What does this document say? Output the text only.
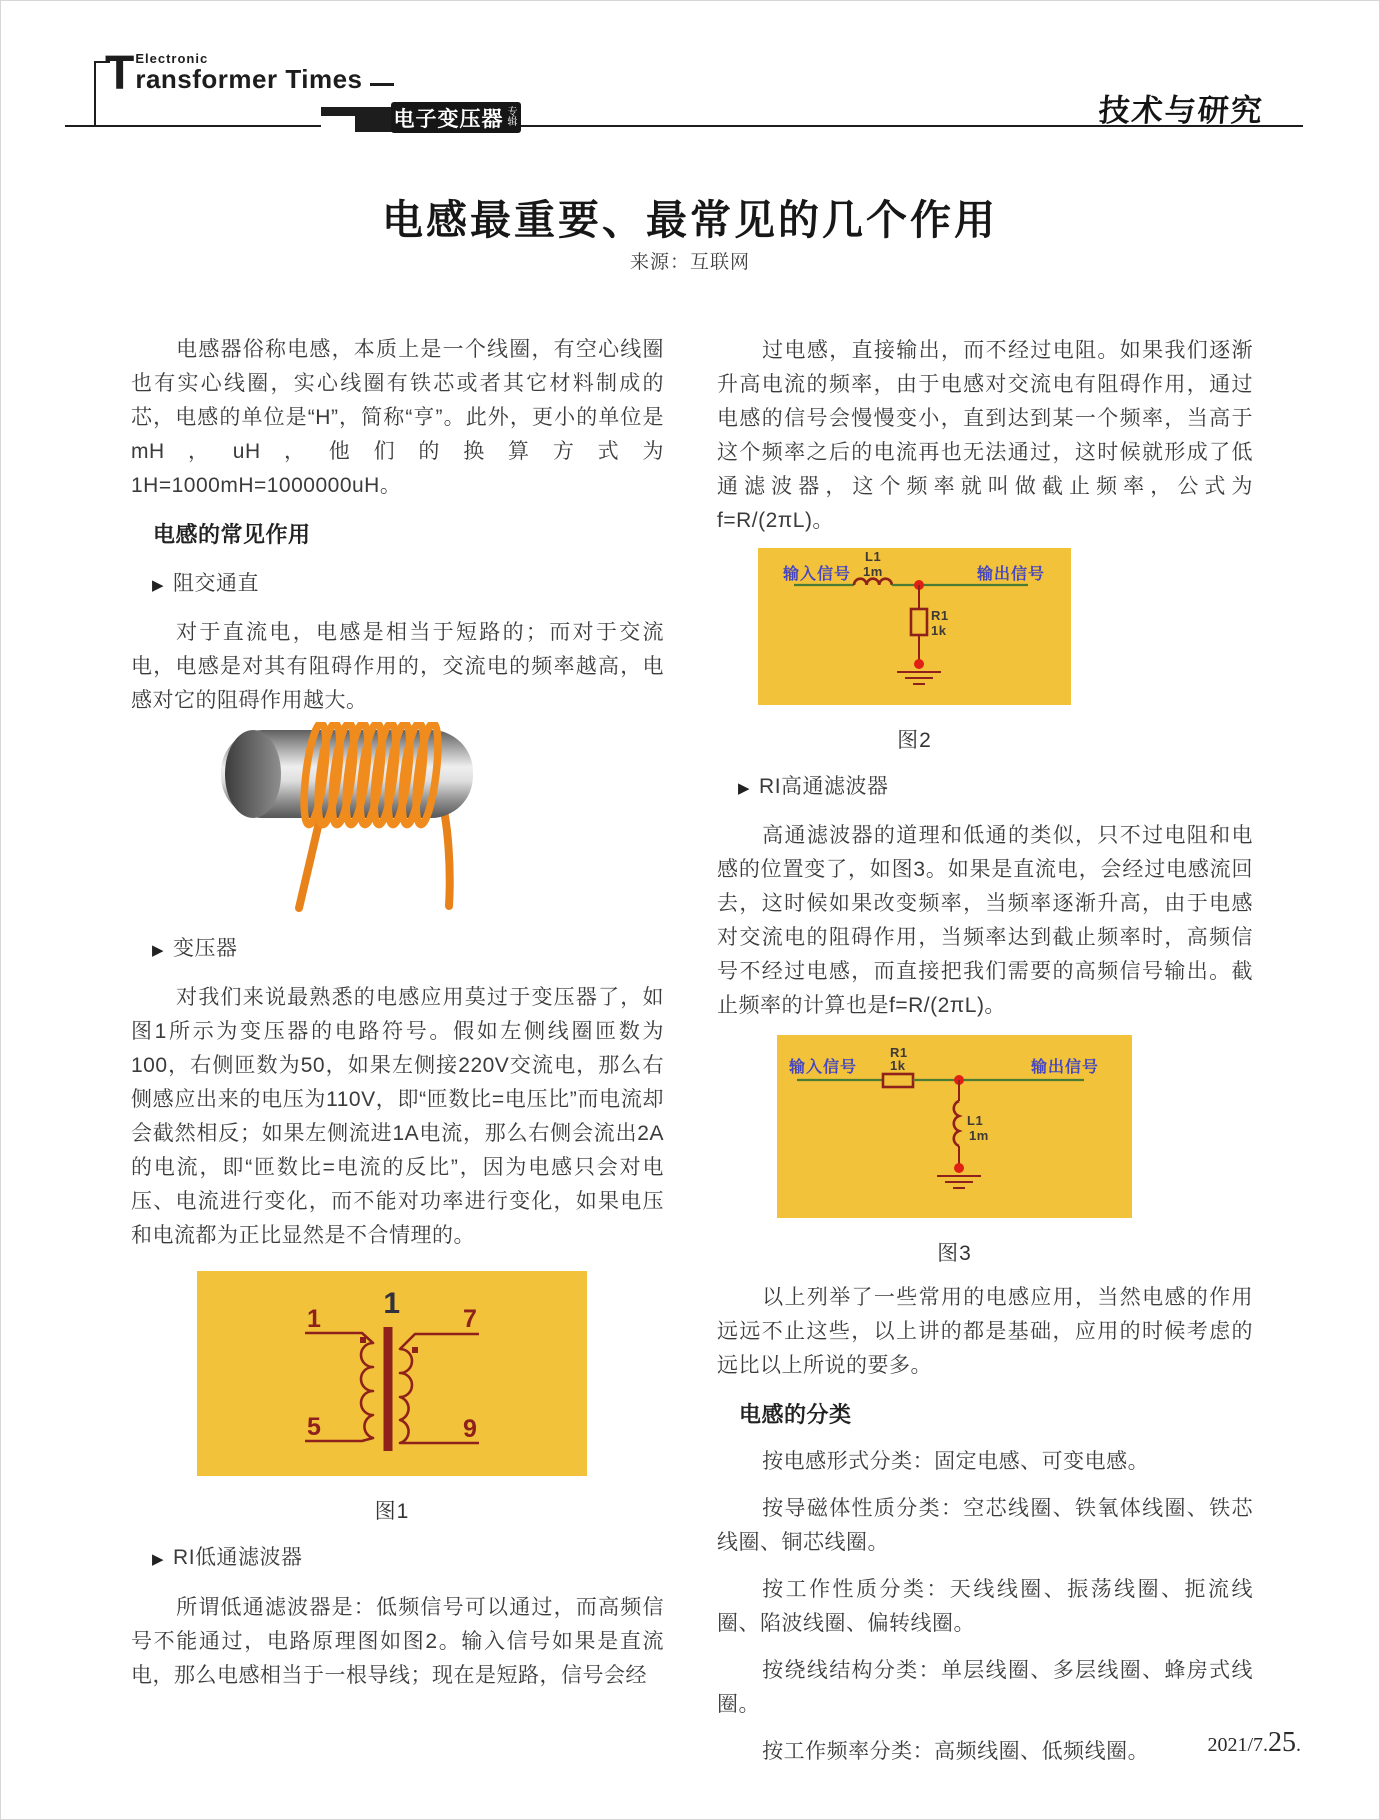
T Electronic
ransformer Times
电子变压器 专辑	技术与研究
电感最重要、最常见的几个作用
来源：互联网

电感器俗称电感，本质上是一个线圈，有空心线圈也有实心线圈，实心线圈有铁芯或者其它材料制成的芯，电感的单位是“H”，简称“亨”。此外，更小的单位是mH，uH，他们的换算方式为1H=1000mH=1000000uH。

电感的常见作用
▶ 阻交通直

对于直流电，电感是相当于短路的；而对于交流电，电感是对其有阻碍作用的，交流电的频率越高，电感对它的阻碍作用越大。

▶ 变压器

对我们来说最熟悉的电感应用莫过于变压器了，如图1所示为变压器的电路符号。假如左侧线圈匝数为100，右侧匝数为50，如果左侧接220V交流电，那么右侧感应出来的电压为110V，即“匝数比=电压比”而电流却会截然相反；如果左侧流进1A电流，那么右侧会流出2A的电流，即“匝数比=电流的反比”，因为电感只会对电压、电流进行变化，而不能对功率进行变化，如果电压和电流都为正比显然是不合情理的。

1
1	7
5	9
图1
▶ RI低通滤波器

所谓低通滤波器是：低频信号可以通过，而高频信号不能通过，电路原理图如图2。输入信号如果是直流电，那么电感相当于一根导线；现在是短路，信号会经

过电感，直接输出，而不经过电阻。如果我们逐渐升高电流的频率，由于电感对交流电有阻碍作用，通过电感的信号会慢慢变小，直到达到某一个频率，当高于这个频率之后的电流再也无法通过，这时候就形成了低通滤波器，这个频率就叫做截止频率，公式为f=R/(2πL)。

输入信号	输出信号
L1
1m
R1
1k
图2
▶ RI高通滤波器

高通滤波器的道理和低通的类似，只不过电阻和电感的位置变了，如图3。如果是直流电，会经过电感流回去，这时候如果改变频率，当频率逐渐升高，由于电感对交流电的阻碍作用，当频率达到截止频率时，高频信号不经过电感，而直接把我们需要的高频信号输出。截止频率的计算也是f=R/(2πL)。

输入信号	输出信号
R1
1k
L1
1m
图3

以上列举了一些常用的电感应用，当然电感的作用远远不止这些，以上讲的都是基础，应用的时候考虑的远比以上所说的要多。

电感的分类

按电感形式分类：固定电感、可变电感。

按导磁体性质分类：空芯线圈、铁氧体线圈、铁芯线圈、铜芯线圈。

按工作性质分类：天线线圈、振荡线圈、扼流线圈、陷波线圈、偏转线圈。

按绕线结构分类：单层线圈、多层线圈、蜂房式线圈。

按工作频率分类：高频线圈、低频线圈。	2021/7.25.
